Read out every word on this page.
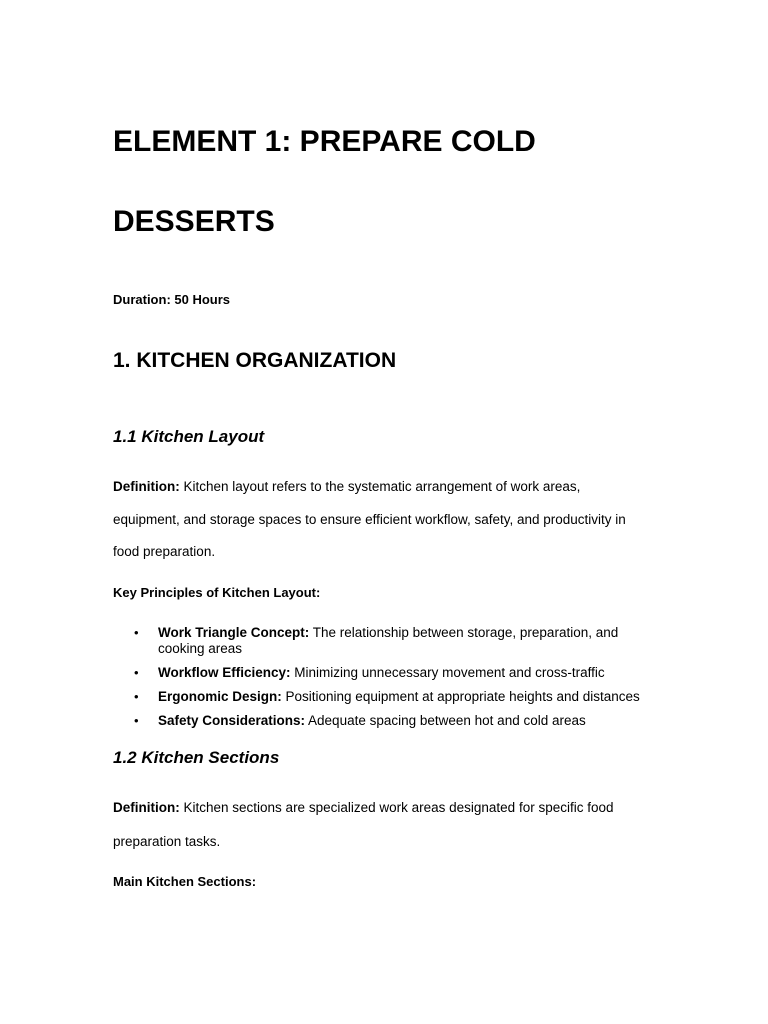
ELEMENT 1: PREPARE COLD
DESSERTS

Duration: 50 Hours

1. KITCHEN ORGANIZATION
1.1 Kitchen Layout

Definition: Kitchen layout refers to the systematic arrangement of work areas,

equipment, and storage spaces to ensure efficient workflow, safety, and productivity in

food preparation.

Key Principles of Kitchen Layout:

• Work Triangle Concept: The relationship between storage, preparation, and cooking areas
• Workflow Efficiency: Minimizing unnecessary movement and cross-traffic
• Ergonomic Design: Positioning equipment at appropriate heights and distances
• Safety Considerations: Adequate spacing between hot and cold areas
1.2 Kitchen Sections

Definition: Kitchen sections are specialized work areas designated for specific food

preparation tasks.

Main Kitchen Sections:
